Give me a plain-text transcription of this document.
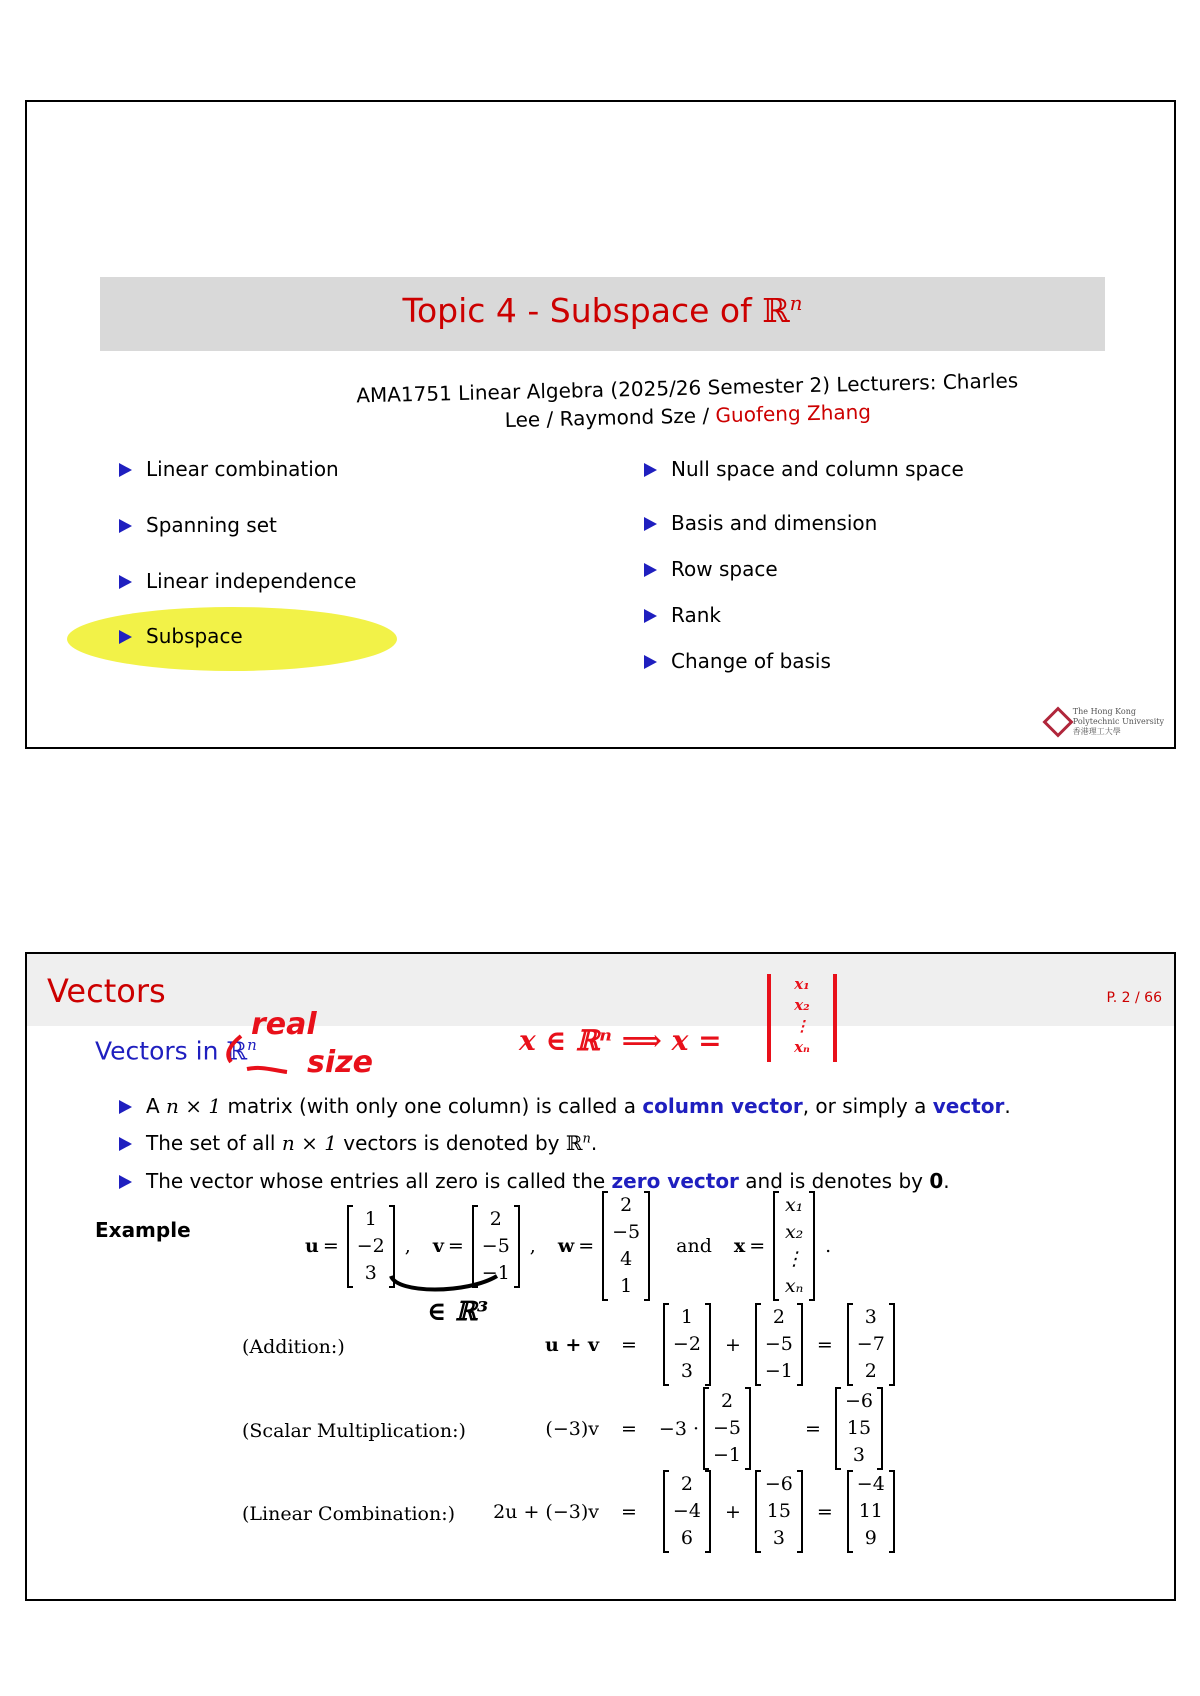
Topic 4 - Subspace of ℝ$^n$
AMA1751 Linear Algebra (2025/26 Semester 2) Lecturers: Charles
Lee / Raymond Sze / Guofeng Zhang
Linear combination
Spanning set
Linear independence
Subspace
Null space and column space
Basis and dimension
Row space
Rank
Change of basis
The Hong Kong
Polytechnic University
香港理工大學
Vectors	P. 2 / 66
Vectors in ℝ$^n$
A n × 1 matrix (with only one column) is called a column vector, or simply a vector.
The set of all n × 1 vectors is denoted by ℝ$^n$.
The vector whose entries all zero is called the zero vector and is denotes by 0.
Example
u =
1
−2
3
, v =
2
−5
−1
, w =
2
−5
4
1
and x =
x₁
x₂
⋮
xₙ
.
(Addition:)	u + v =
1
−2
3
+
2
−5
−1
=
3
−7
2
(Scalar Multiplication:)	(−3)v = −3 ·
2
−5
−1
=
−6
15
3
(Linear Combination:)	2u + (−3)v =
2
−4
6
+
−6
15
3
=
−4
11
9
real
size
x ∈ ℝⁿ ⟹ x =
x₁
x₂
⋮
xₙ
∈ ℝ³
